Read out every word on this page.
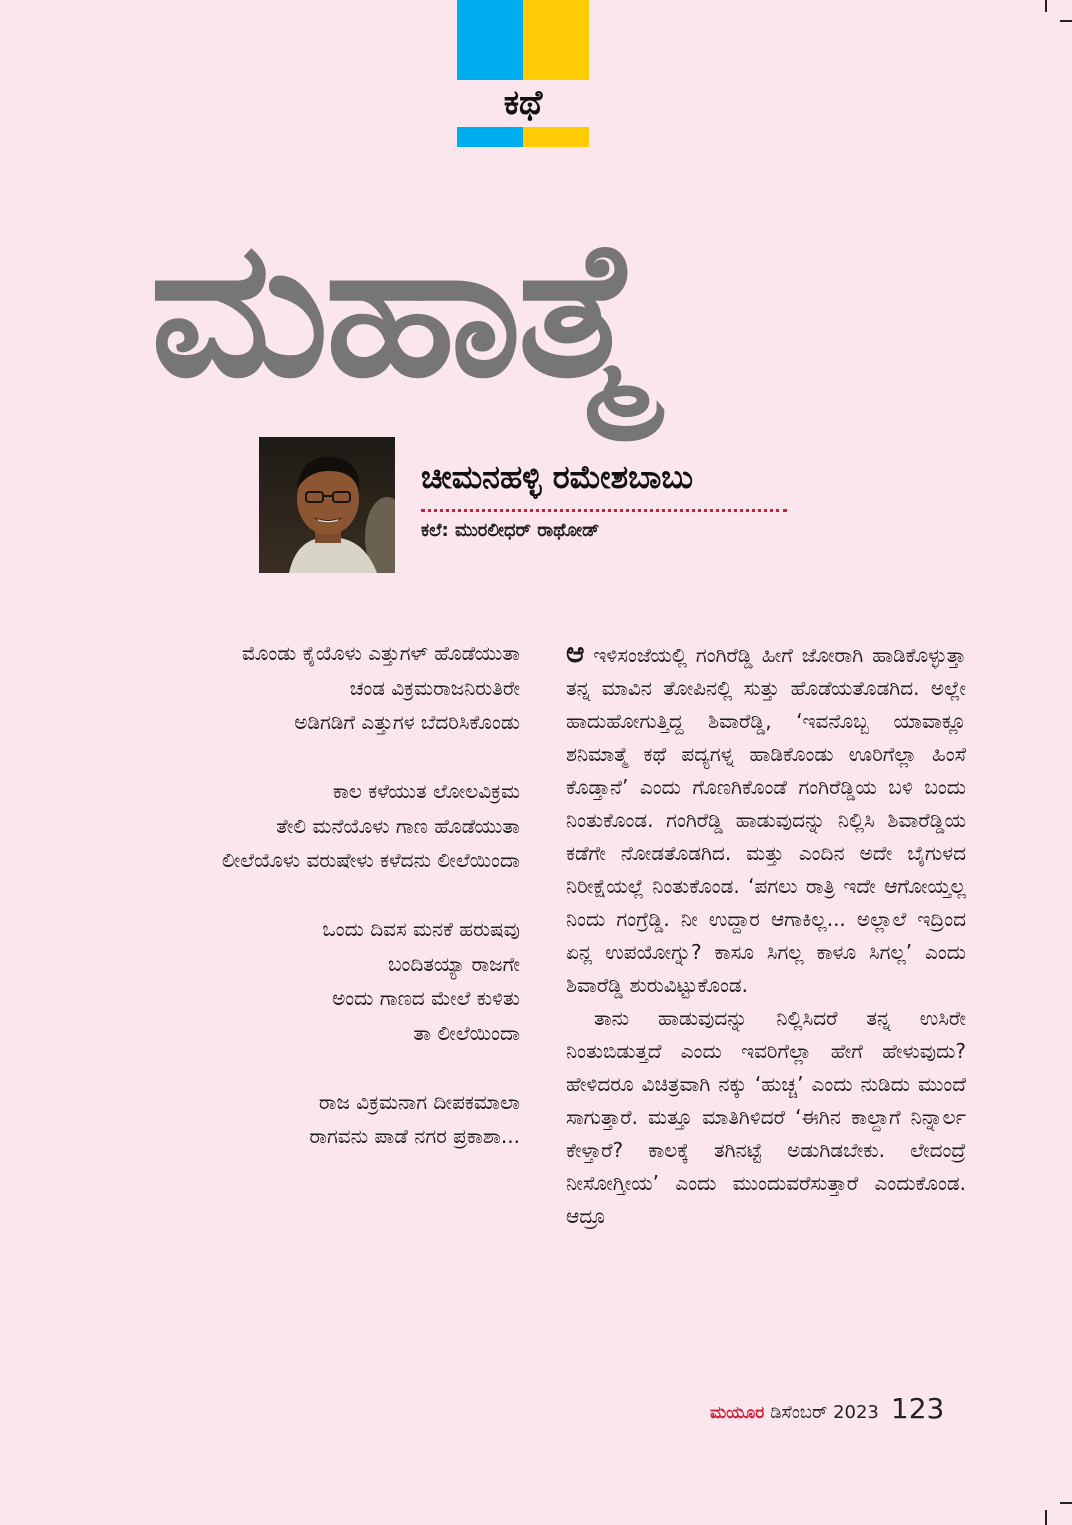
ಕಥೆ
ಮಹಾತ್ಮೆ
ಚೀಮನಹಳ್ಳಿ ರಮೇಶಬಾಬು
ಕಲೆ: ಮುರಲೀಧರ್ ರಾಥೋಡ್
ಮೊಂಡು ಕೈಯೊಳು ಎತ್ತುಗಳ್ ಹೊಡೆಯುತಾ
ಚಂಡ ವಿಕ್ರಮರಾಜನಿರುತಿರೇ
ಅಡಿಗಡಿಗೆ ಎತ್ತುಗಳ ಬೆದರಿಸಿಕೊಂಡು
ಕಾಲ ಕಳೆಯುತ ಲೋಲವಿಕ್ರಮ
ತೇಲಿ ಮನೆಯೊಳು ಗಾಣ ಹೊಡೆಯುತಾ
ಲೀಲೆಯೊಳು ವರುಷೇಳು ಕಳೆದನು ಲೀಲೆಯಿಂದಾ
ಒಂದು ದಿವಸ ಮನಕೆ ಹರುಷವು
ಬಂದಿತಯ್ಯಾ ರಾಜಗೇ
ಅಂದು ಗಾಣದ ಮೇಲೆ ಕುಳಿತು
ತಾ ಲೀಲೆಯಿಂದಾ
ರಾಜ ವಿಕ್ರಮನಾಗ ದೀಪಕಮಾಲಾ
ರಾಗವನು ಪಾಡೆ ನಗರ ಪ್ರಕಾಶಾ...

ಆ ಇಳಿಸಂಜೆಯಲ್ಲಿ ಗಂಗಿರೆಡ್ಡಿ ಹೀಗೆ ಜೋರಾಗಿ ಹಾಡಿಕೊಳ್ಳುತ್ತಾ ತನ್ನ ಮಾವಿನ ತೋಪಿನಲ್ಲಿ ಸುತ್ತು ಹೊಡೆಯತೊಡಗಿದ. ಅಲ್ಲೇ ಹಾದುಹೋಗುತ್ತಿದ್ದ ಶಿವಾರೆಡ್ಡಿ, ‘ಇವನೊಬ್ಬ ಯಾವಾಕ್ಲೂ ಶನಿಮಾತ್ಮೆ ಕಥೆ ಪದ್ಯಗಳ್ನ ಹಾಡಿಕೊಂಡು ಊರಿಗೆಲ್ಲಾ ಹಿಂಸೆ ಕೊಡ್ತಾನೆ’ ಎಂದು ಗೊಣಗಿಕೊಂಡೆ ಗಂಗಿರೆಡ್ಡಿಯ ಬಳಿ ಬಂದು ನಿಂತುಕೊಂಡ. ಗಂಗಿರೆಡ್ಡಿ ಹಾಡುವುದನ್ನು ನಿಲ್ಲಿಸಿ ಶಿವಾರೆಡ್ಡಿಯ ಕಡೆಗೇ ನೋಡತೊಡಗಿದ. ಮತ್ತು ಎಂದಿನ ಅದೇ ಬೈಗುಳದ ನಿರೀಕ್ಷೆಯಲ್ಲೆ ನಿಂತುಕೊಂಡ. ‘ಪಗಲು ರಾತ್ರಿ ಇದೇ ಆಗೋಯ್ತಲ್ಲ ನಿಂದು ಗಂಗ್ರೆಡ್ಡಿ. ನೀ ಉದ್ದಾರ ಆಗಾಕಿಲ್ಲ... ಅಲ್ಲಾಲೆ ಇದ್ರಿಂದ ಏನ್ಲ ಉಪಯೋಗ್ನು? ಕಾಸೂ ಸಿಗಲ್ಲ ಕಾಳೂ ಸಿಗಲ್ಲ’ ಎಂದು ಶಿವಾರೆಡ್ಡಿ ಶುರುವಿಟ್ಟುಕೊಂಡ.

ತಾನು ಹಾಡುವುದನ್ನು ನಿಲ್ಲಿಸಿದರೆ ತನ್ನ ಉಸಿರೇ ನಿಂತುಬಿಡುತ್ತದೆ ಎಂದು ಇವರಿಗೆಲ್ಲಾ ಹೇಗೆ ಹೇಳುವುದು? ಹೇಳಿದರೂ ವಿಚಿತ್ರವಾಗಿ ನಕ್ಕು ‘ಹುಚ್ಚ’ ಎಂದು ನುಡಿದು ಮುಂದೆ ಸಾಗುತ್ತಾರೆ. ಮತ್ತೂ ಮಾತಿಗಿಳಿದರೆ ‘ಈಗಿನ ಕಾಲ್ದಾಗೆ ನಿನ್ನಾರ್ಲ ಕೇಳ್ತಾರೆ? ಕಾಲಕ್ಕೆ ತಗಿನಟ್ಟೆ ಅಡುಗಿಡಬೇಕು. ಲೇದಂದ್ರೆ ನೀಸೋಗ್ತೀಯ’ ಎಂದು ಮುಂದುವರೆಸುತ್ತಾರೆ ಎಂದುಕೊಂಡ. ಆದ್ರೂ

ಮಯೂರ ಡಿಸೆಂಬರ್ 2023 123
